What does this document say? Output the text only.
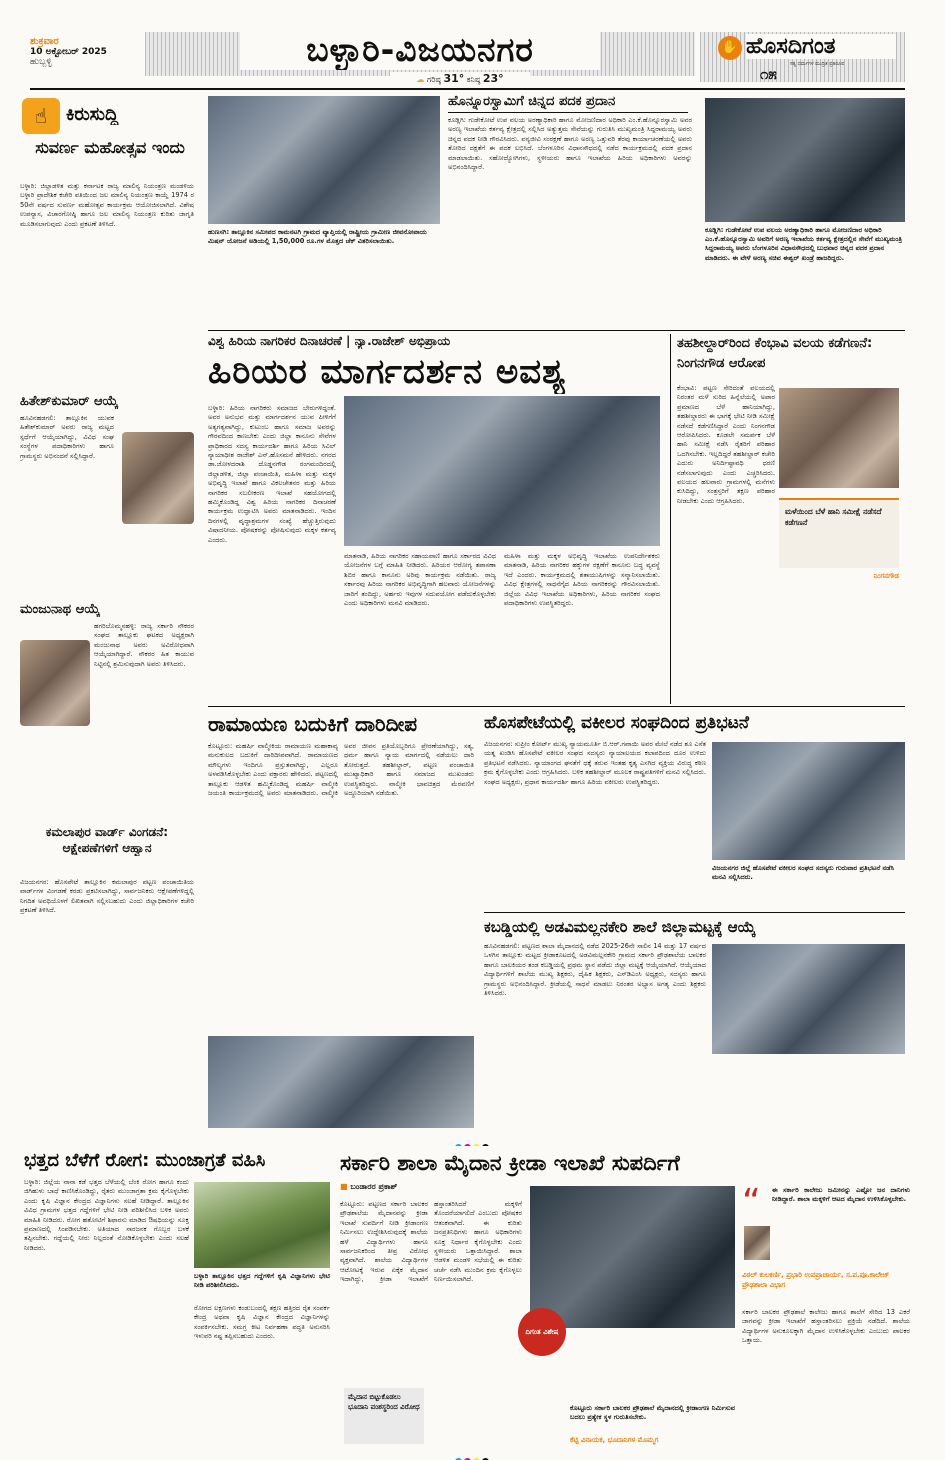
ಶುಕ್ರವಾರ
10 ಅಕ್ಟೋಬರ್ 2025
ಹುಬ್ಬಳ್ಳಿ	ಬಳ್ಳಾರಿ-ವಿಜಯನಗರ
☁ ಗರಿಷ್ಠ 31° ಕನಿಷ್ಠ 23°
✋ ಹೊಸದಿಗಂತ
ಸತ್ಯ ಧರ್ಮಗಳ ಮುದ್ರಿತ ಪ್ರತಿರೂಪ
೧೫
☝	ಕಿರುಸುದ್ದಿ
ಸುವರ್ಣ ಮಹೋತ್ಸವ ಇಂದು
ಬಳ್ಳಾರಿ: ಜಿಲ್ಲಾಡಳಿತ ಮತ್ತು ಕರ್ನಾಟಕ ರಾಜ್ಯ ಮಾಲಿನ್ಯ ನಿಯಂತ್ರಣ ಮಂಡಳಿಯ ಬಳ್ಳಾರಿ ಪ್ರಾದೇಶಿಕ ಕಚೇರಿ ವತಿಯಿಂದ ಜಲ ಮಾಲಿನ್ಯ ನಿಯಂತ್ರಣ ಕಾಯ್ದೆ 1974 ರ 50ನೇ ವರ್ಷದ ಸುವರ್ಣ ಮಹೋತ್ಸವ ಕಾರ್ಯಕ್ರಮ ಆಯೋಜಿಸಲಾಗಿದೆ. ವಿಶೇಷ ಉಪನ್ಯಾಸ, ವಿಚಾರಗೋಷ್ಠಿ ಹಾಗೂ ಜಲ ಮಾಲಿನ್ಯ ನಿಯಂತ್ರಣ ಕುರಿತು ಜಾಗೃತಿ ಮೂಡಿಸಲಾಗುವುದು ಎಂದು ಪ್ರಕಟಣೆ ತಿಳಿಸಿದೆ.
ಹಿತೇಶ್‌ಕುಮಾರ್ ಆಯ್ಕೆ
ಹೂವಿನಹಡಗಲಿ: ತಾಲ್ಲೂಕಿನ ಯುವಕ ಹಿತೇಶ್‌ಕುಮಾರ್ ಅವರು ರಾಜ್ಯ ಮಟ್ಟದ ಸ್ಪರ್ಧೆಗೆ ಆಯ್ಕೆಯಾಗಿದ್ದು, ವಿವಿಧ ಸಂಘ ಸಂಸ್ಥೆಗಳ ಪದಾಧಿಕಾರಿಗಳು ಹಾಗೂ ಗ್ರಾಮಸ್ಥರು ಅಭಿನಂದನೆ ಸಲ್ಲಿಸಿದ್ದಾರೆ.
ಮಂಜುನಾಥ ಆಯ್ಕೆ
ಹಗರಿಬೊಮ್ಮನಹಳ್ಳಿ: ರಾಜ್ಯ ಸರ್ಕಾರಿ ನೌಕರರ ಸಂಘದ ತಾಲ್ಲೂಕು ಘಟಕದ ಅಧ್ಯಕ್ಷರಾಗಿ ಮಂಜುನಾಥ ಅವರು ಅವಿರೋಧವಾಗಿ ಆಯ್ಕೆಯಾಗಿದ್ದಾರೆ. ನೌಕರರ ಹಿತ ಕಾಯುವ ನಿಟ್ಟಿನಲ್ಲಿ ಶ್ರಮಿಸುವುದಾಗಿ ಅವರು ತಿಳಿಸಿದರು.
ಕಮಲಾಪುರ ವಾರ್ಡ್ ವಿಂಗಡನೆ: ಆಕ್ಷೇಪಣೆಗಳಿಗೆ ಆಹ್ವಾನ
ವಿಜಯನಗರ: ಹೊಸಪೇಟೆ ತಾಲ್ಲೂಕಿನ ಕಮಲಾಪುರ ಪಟ್ಟಣ ಪಂಚಾಯಿತಿಯ ವಾರ್ಡ್‌ಗಳ ವಿಂಗಡಣೆ ಕರಡು ಪ್ರಕಟಿಸಲಾಗಿದ್ದು, ಸಾರ್ವಜನಿಕರು ಆಕ್ಷೇಪಣೆಗಳಿದ್ದಲ್ಲಿ ನಿಗದಿತ ಅವಧಿಯೊಳಗೆ ಲಿಖಿತವಾಗಿ ಸಲ್ಲಿಸಬಹುದು ಎಂದು ಜಿಲ್ಲಾಧಿಕಾರಿಗಳ ಕಚೇರಿ ಪ್ರಕಟಣೆ ತಿಳಿಸಿದೆ.
ಹುಣಸಗಿ: ತಾಲ್ಲೂಕಿನ ಸಮೀಪದ ಕಾಮನಟಗಿ ಗ್ರಾಮದ ವ್ಯಾಪ್ತಿಯಲ್ಲಿ ರಾಷ್ಟ್ರೀಯ ಗ್ರಾಮೀಣ ಜೀವನೋಪಾಯ ಮಿಷನ್ ಯೋಜನೆ ಅಡಿಯಲ್ಲಿ 1,50,000 ರೂ.ಗಳ ಮೊತ್ತದ ಚೆಕ್ ವಿತರಿಸಲಾಯಿತು.
ಹೊನ್ನೂರಸ್ವಾಮಿಗೆ ಚಿನ್ನದ ಪದಕ ಪ್ರದಾನ
ಕೂಡ್ಲಿಗಿ: ಗುಡೇಕೋಟೆ ಉಪ ವಲಯ ಅರಣ್ಯಾಧಿಕಾರಿ ಹಾಗೂ ಮೋಜಣಿದಾರ ಅಧಿಕಾರಿ ಎಂ.ಕೆ.ಹೊನ್ನೂರಸ್ವಾಮಿ ಅವರ ಅರಣ್ಯ ಇಲಾಖೆಯ ಕರ್ತವ್ಯ ಕ್ಷೇತ್ರದಲ್ಲಿ ಸಲ್ಲಿಸಿದ ಅತ್ಯುತ್ತಮ ಸೇವೆಯನ್ನು ಗುರುತಿಸಿ ಮುಖ್ಯಮಂತ್ರಿ ಸಿದ್ದರಾಮಯ್ಯ ಅವರು ಚಿನ್ನದ ಪದಕ ನೀಡಿ ಗೌರವಿಸಿದರು. ವನ್ಯಜೀವಿ ಸಂರಕ್ಷಣೆ ಹಾಗೂ ಅರಣ್ಯ ಒತ್ತುವರಿ ತೆರವು ಕಾರ್ಯಾಚರಣೆಯಲ್ಲಿ ಅವರು ತೋರಿದ ದಕ್ಷತೆಗೆ ಈ ಪದಕ ಲಭಿಸಿದೆ. ಬೆಂಗಳೂರಿನ ವಿಧಾನಸೌಧದಲ್ಲಿ ನಡೆದ ಕಾರ್ಯಕ್ರಮದಲ್ಲಿ ಪದಕ ಪ್ರದಾನ ಮಾಡಲಾಯಿತು. ಸಹೋದ್ಯೋಗಿಗಳು, ಸ್ಥಳೀಯರು ಹಾಗೂ ಇಲಾಖೆಯ ಹಿರಿಯ ಅಧಿಕಾರಿಗಳು ಅವರನ್ನು ಅಭಿನಂದಿಸಿದ್ದಾರೆ.
ಕೂಡ್ಲಿಗಿ: ಗುಡೇಕೋಟೆ ಉಪ ವಲಯ ಅರಣ್ಯಾಧಿಕಾರಿ ಹಾಗೂ ಮೋಜಣಿದಾರ ಅಧಿಕಾರಿ ಎಂ.ಕೆ.ಹೊನ್ನೂರಸ್ವಾಮಿ ಅವರಿಗೆ ಅರಣ್ಯ ಇಲಾಖೆಯ ಕರ್ತವ್ಯ ಕ್ಷೇತ್ರದಲ್ಲಿನ ಸೇವೆಗೆ ಮುಖ್ಯಮಂತ್ರಿ ಸಿದ್ದರಾಮಯ್ಯ ಅವರು ಬೆಂಗಳೂರಿನ ವಿಧಾನಸೌಧದಲ್ಲಿ ಬುಧವಾರ ಚಿನ್ನದ ಪದಕ ಪ್ರದಾನ ಮಾಡಿದರು. ಈ ವೇಳೆ ಅರಣ್ಯ ಸಚಿವ ಈಶ್ವರ್ ಖಂಡ್ರೆ ಹಾಜರಿದ್ದರು.
ವಿಶ್ವ ಹಿರಿಯ ನಾಗರಿಕರ ದಿನಾಚರಣೆ | ನ್ಯಾ.ರಾಜೇಶ್ ಅಭಿಪ್ರಾಯ
ಹಿರಿಯರ ಮಾರ್ಗದರ್ಶನ ಅವಶ್ಯ
ಬಳ್ಳಾರಿ: ಹಿರಿಯ ನಾಗರಿಕರು ಸಮಾಜದ ಬೇರುಗಳಿದ್ದಂತೆ. ಅವರ ಅನುಭವ ಮತ್ತು ಮಾರ್ಗದರ್ಶನ ಯುವ ಪೀಳಿಗೆಗೆ ಅತ್ಯಗತ್ಯವಾಗಿದ್ದು, ಕುಟುಂಬ ಹಾಗೂ ಸಮಾಜ ಅವರನ್ನು ಗೌರವದಿಂದ ಕಾಣಬೇಕು ಎಂದು ಜಿಲ್ಲಾ ಕಾನೂನು ಸೇವೆಗಳ ಪ್ರಾಧಿಕಾರದ ಸದಸ್ಯ ಕಾರ್ಯದರ್ಶಿ ಹಾಗೂ ಹಿರಿಯ ಸಿವಿಲ್ ನ್ಯಾಯಾಧೀಶ ರಾಜೇಶ್ ಎನ್.ಹೊಸಮನೆ ಹೇಳಿದರು. ನಗರದ ಡಾ.ಜೋಳದರಾಶಿ ದೊಡ್ಡನಗೌಡ ರಂಗಮಂದಿರದಲ್ಲಿ ಜಿಲ್ಲಾಡಳಿತ, ಜಿಲ್ಲಾ ಪಂಚಾಯಿತಿ, ಮಹಿಳಾ ಮತ್ತು ಮಕ್ಕಳ ಅಭಿವೃದ್ಧಿ ಇಲಾಖೆ ಹಾಗೂ ವಿಕಲಚೇತನರ ಮತ್ತು ಹಿರಿಯ ನಾಗರಿಕರ ಸಬಲೀಕರಣ ಇಲಾಖೆ ಸಹಯೋಗದಲ್ಲಿ ಹಮ್ಮಿಕೊಂಡಿದ್ದ ವಿಶ್ವ ಹಿರಿಯ ನಾಗರಿಕರ ದಿನಾಚರಣೆ ಕಾರ್ಯಕ್ರಮ ಉದ್ಘಾಟಿಸಿ ಅವರು ಮಾತನಾಡಿದರು. ಇಂದಿನ ದಿನಗಳಲ್ಲಿ ವೃದ್ಧಾಶ್ರಮಗಳ ಸಂಖ್ಯೆ ಹೆಚ್ಚುತ್ತಿರುವುದು ವಿಷಾದನೀಯ. ಪೋಷಕರನ್ನು ಪೋಷಿಸುವುದು ಮಕ್ಕಳ ಕರ್ತವ್ಯ ಎಂದರು.
ಮಾತನಾಡಿ, ಹಿರಿಯ ನಾಗರಿಕರ ಸಹಾಯವಾಣಿ ಹಾಗೂ ಸರ್ಕಾರದ ವಿವಿಧ ಯೋಜನೆಗಳ ಬಗ್ಗೆ ಮಾಹಿತಿ ನೀಡಿದರು. ಹಿರಿಯರ ಆರೋಗ್ಯ ತಪಾಸಣಾ ಶಿಬಿರ ಹಾಗೂ ಕಾನೂನು ಅರಿವು ಕಾರ್ಯಕ್ರಮ ನಡೆಯಿತು. ರಾಜ್ಯ ಸರ್ಕಾರವು ಹಿರಿಯ ನಾಗರಿಕರ ಅಭಿವೃದ್ಧಿಗಾಗಿ ಹಲವಾರು ಯೋಜನೆಗಳನ್ನು ಜಾರಿಗೆ ತಂದಿದ್ದು, ಅರ್ಹರು ಇವುಗಳ ಸದುಪಯೋಗ ಪಡೆದುಕೊಳ್ಳಬೇಕು ಎಂದು ಅಧಿಕಾರಿಗಳು ಮನವಿ ಮಾಡಿದರು.
ಮಹಿಳಾ ಮತ್ತು ಮಕ್ಕಳ ಅಭಿವೃದ್ಧಿ ಇಲಾಖೆಯ ಉಪನಿರ್ದೇಶಕರು ಮಾತನಾಡಿ, ಹಿರಿಯ ನಾಗರಿಕರ ಹಕ್ಕುಗಳ ರಕ್ಷಣೆಗೆ ಕಾನೂನು ಬದ್ಧ ವ್ಯವಸ್ಥೆ ಇದೆ ಎಂದರು. ಕಾರ್ಯಕ್ರಮದಲ್ಲಿ ಶತಾಯುಷಿಗಳನ್ನು ಸನ್ಮಾನಿಸಲಾಯಿತು. ವಿವಿಧ ಕ್ಷೇತ್ರಗಳಲ್ಲಿ ಸಾಧನೆಗೈದ ಹಿರಿಯ ನಾಗರಿಕರನ್ನು ಗೌರವಿಸಲಾಯಿತು. ಜಿಲ್ಲೆಯ ವಿವಿಧ ಇಲಾಖೆಯ ಅಧಿಕಾರಿಗಳು, ಹಿರಿಯ ನಾಗರಿಕರ ಸಂಘದ ಪದಾಧಿಕಾರಿಗಳು ಉಪಸ್ಥಿತರಿದ್ದರು.
ತಹಶೀಲ್ದಾರ್‌ರಿಂದ ಕೆಂಭಾವಿ ವಲಯ ಕಡೆಗಣನೆ: ನಿಂಗನಗೌಡ ಆರೋಪ
ಕೆಂಭಾವಿ: ಪಟ್ಟಣ ಸೇರಿದಂತೆ ವಲಯದಲ್ಲಿ ನಿರಂತರ ಮಳೆ ಸುರಿದ ಹಿನ್ನೆಲೆಯಲ್ಲಿ ಅಪಾರ ಪ್ರಮಾಣದ ಬೆಳೆ ಹಾನಿಯಾಗಿದ್ದು, ತಹಶೀಲ್ದಾರರು ಈ ಭಾಗಕ್ಕೆ ಭೇಟಿ ನೀಡಿ ಸಮೀಕ್ಷೆ ನಡೆಸದೆ ಕಡೆಗಣಿಸಿದ್ದಾರೆ ಎಂದು ನಿಂಗನಗೌಡ ಆರೋಪಿಸಿದರು. ಕೂಡಲೇ ಸಮರ್ಪಕ ಬೆಳೆ ಹಾನಿ ಸಮೀಕ್ಷೆ ನಡೆಸಿ ರೈತರಿಗೆ ಪರಿಹಾರ ಒದಗಿಸಬೇಕು. ಇಲ್ಲದಿದ್ದರೆ ತಹಶೀಲ್ದಾರ್ ಕಚೇರಿ ಎದುರು ಅನಿರ್ದಿಷ್ಟಾವಧಿ ಧರಣಿ ನಡೆಸಲಾಗುವುದು ಎಂದು ಎಚ್ಚರಿಸಿದರು. ವಲಯದ ಹಲವಾರು ಗ್ರಾಮಗಳಲ್ಲಿ ಮನೆಗಳು ಕುಸಿದಿದ್ದು, ಸಂತ್ರಸ್ತರಿಗೆ ತಕ್ಷಣ ಪರಿಹಾರ ನೀಡಬೇಕು ಎಂದು ಆಗ್ರಹಿಸಿದರು.
ಮಳೆಯಿಂದ ಬೆಳೆ ಹಾನಿ ಸಮೀಕ್ಷೆ ನಡೆಸದೆ ಕಡೆಗಣನೆ
ನಿಂಗನಗೌಡ
ರಾಮಾಯಣ ಬದುಕಿಗೆ ದಾರಿದೀಪ
ಕೊಟ್ಟೂರು: ಮಹರ್ಷಿ ವಾಲ್ಮೀಕಿಯ ರಾಮಾಯಣ ಮಹಾಕಾವ್ಯ ಮನುಕುಲದ ಬದುಕಿಗೆ ದಾರಿದೀಪವಾಗಿದೆ. ರಾಮಾಯಣದ ಮೌಲ್ಯಗಳು ಇಂದಿಗೂ ಪ್ರಸ್ತುತವಾಗಿದ್ದು, ಎಲ್ಲರೂ ಅಳವಡಿಸಿಕೊಳ್ಳಬೇಕು ಎಂದು ವಕ್ತಾರರು ಹೇಳಿದರು. ಪಟ್ಟಣದಲ್ಲಿ ತಾಲ್ಲೂಕು ಆಡಳಿತ ಹಮ್ಮಿಕೊಂಡಿದ್ದ ಮಹರ್ಷಿ ವಾಲ್ಮೀಕಿ ಜಯಂತಿ ಕಾರ್ಯಕ್ರಮದಲ್ಲಿ ಅವರು ಮಾತನಾಡಿದರು. ವಾಲ್ಮೀಕಿ ಅವರ ಜೀವನ ಪ್ರತಿಯೊಬ್ಬರಿಗೂ ಪ್ರೇರಣೆಯಾಗಿದ್ದು, ಸತ್ಯ, ಧರ್ಮ ಹಾಗೂ ನ್ಯಾಯ ಮಾರ್ಗದಲ್ಲಿ ನಡೆಯಲು ದಾರಿ ತೋರುತ್ತದೆ. ತಹಶೀಲ್ದಾರ್, ಪಟ್ಟಣ ಪಂಚಾಯಿತಿ ಮುಖ್ಯಾಧಿಕಾರಿ ಹಾಗೂ ಸಮಾಜದ ಮುಖಂಡರು ಉಪಸ್ಥಿತರಿದ್ದರು. ವಾಲ್ಮೀಕಿ ಭಾವಚಿತ್ರದ ಮೆರವಣಿಗೆ ಅದ್ದೂರಿಯಾಗಿ ನಡೆಯಿತು.
ಹೊಸಪೇಟೆಯಲ್ಲಿ ವಕೀಲರ ಸಂಘದಿಂದ ಪ್ರತಿಭಟನೆ
ವಿಜಯನಗರ: ಸುಪ್ರೀಂ ಕೋರ್ಟ್ ಮುಖ್ಯ ನ್ಯಾಯಮೂರ್ತಿ ಬಿ.ಆರ್.ಗವಾಯಿ ಅವರ ಮೇಲೆ ನಡೆದ ಶೂ ಎಸೆತ ಯತ್ನ ಖಂಡಿಸಿ ಹೊಸಪೇಟೆ ವಕೀಲರ ಸಂಘದ ಸದಸ್ಯರು ನ್ಯಾಯಾಲಯದ ಕಲಾಪದಿಂದ ದೂರ ಉಳಿದು ಪ್ರತಿಭಟನೆ ನಡೆಸಿದರು. ನ್ಯಾಯಾಂಗದ ಘನತೆಗೆ ಧಕ್ಕೆ ತರುವ ಇಂತಹ ಕೃತ್ಯ ಎಸಗಿದ ವ್ಯಕ್ತಿಯ ವಿರುದ್ಧ ಕಠಿಣ ಕ್ರಮ ಕೈಗೊಳ್ಳಬೇಕು ಎಂದು ಆಗ್ರಹಿಸಿದರು. ಬಳಿಕ ತಹಶೀಲ್ದಾರ್ ಮೂಲಕ ರಾಷ್ಟ್ರಪತಿಗಳಿಗೆ ಮನವಿ ಸಲ್ಲಿಸಿದರು. ಸಂಘದ ಅಧ್ಯಕ್ಷರು, ಪ್ರಧಾನ ಕಾರ್ಯದರ್ಶಿ ಹಾಗೂ ಹಿರಿಯ ವಕೀಲರು ಉಪಸ್ಥಿತರಿದ್ದರು.
ವಿಜಯನಗರ ಜಿಲ್ಲೆ ಹೊಸಪೇಟೆ ವಕೀಲರ ಸಂಘದ ಸದಸ್ಯರು ಗುರುವಾರ ಪ್ರತಿಭಟನೆ ನಡೆಸಿ ಮನವಿ ಸಲ್ಲಿಸಿದರು.
ಕಬಡ್ಡಿಯಲ್ಲಿ ಅಡವಿಮಲ್ಲನಕೇರಿ ಶಾಲೆ ಜಿಲ್ಲಾಮಟ್ಟಕ್ಕೆ ಆಯ್ಕೆ
ಹೂವಿನಹಡಗಲಿ: ಪಟ್ಟಣದ ಶಾಲಾ ಮೈದಾನದಲ್ಲಿ ನಡೆದ 2025-26ನೇ ಸಾಲಿನ 14 ಮತ್ತು 17 ವರ್ಷದ ಒಳಗಿನ ತಾಲ್ಲೂಕು ಮಟ್ಟದ ಕ್ರೀಡಾಕೂಟದಲ್ಲಿ ಅಡವಿಮಲ್ಲನಕೇರಿ ಗ್ರಾಮದ ಸರ್ಕಾರಿ ಪ್ರೌಢಶಾಲೆಯ ಬಾಲಕರ ಹಾಗೂ ಬಾಲಕಿಯರ ತಂಡ ಕಬಡ್ಡಿಯಲ್ಲಿ ಪ್ರಥಮ ಸ್ಥಾನ ಪಡೆದು ಜಿಲ್ಲಾ ಮಟ್ಟಕ್ಕೆ ಆಯ್ಕೆಯಾಗಿದೆ. ಆಯ್ಕೆಯಾದ ವಿದ್ಯಾರ್ಥಿಗಳಿಗೆ ಶಾಲೆಯ ಮುಖ್ಯ ಶಿಕ್ಷಕರು, ದೈಹಿಕ ಶಿಕ್ಷಕರು, ಎಸ್‌ಡಿಎಂಸಿ ಅಧ್ಯಕ್ಷರು, ಸದಸ್ಯರು ಹಾಗೂ ಗ್ರಾಮಸ್ಥರು ಅಭಿನಂದಿಸಿದ್ದಾರೆ. ಕ್ರೀಡೆಯಲ್ಲಿ ಸಾಧನೆ ಮಾಡಲು ನಿರಂತರ ಅಭ್ಯಾಸ ಅಗತ್ಯ ಎಂದು ಶಿಕ್ಷಕರು ತಿಳಿಸಿದರು.
ಭತ್ತದ ಬೆಳೆಗೆ ರೋಗ: ಮುಂಜಾಗ್ರತೆ ವಹಿಸಿ
ಬಳ್ಳಾರಿ: ಜಿಲ್ಲೆಯ ನಾನಾ ಕಡೆ ಭತ್ತದ ಬೆಳೆಯಲ್ಲಿ ಬೆಂಕಿ ರೋಗ ಹಾಗೂ ಕಂದು ಜಿಗಿಹುಳು ಬಾಧೆ ಕಾಣಿಸಿಕೊಂಡಿದ್ದು, ರೈತರು ಮುಂಜಾಗ್ರತಾ ಕ್ರಮ ಕೈಗೊಳ್ಳಬೇಕು ಎಂದು ಕೃಷಿ ವಿಜ್ಞಾನ ಕೇಂದ್ರದ ವಿಜ್ಞಾನಿಗಳು ಸಲಹೆ ನೀಡಿದ್ದಾರೆ. ತಾಲ್ಲೂಕಿನ ವಿವಿಧ ಗ್ರಾಮಗಳ ಭತ್ತದ ಗದ್ದೆಗಳಿಗೆ ಭೇಟಿ ನೀಡಿ ಪರಿಶೀಲಿಸಿದ ಬಳಿಕ ಅವರು ಮಾಹಿತಿ ನೀಡಿದರು. ರೋಗ ಹತೋಟಿಗೆ ಶಿಫಾರಸು ಮಾಡಿದ ಔಷಧಿಯನ್ನು ಸೂಕ್ತ ಪ್ರಮಾಣದಲ್ಲಿ ಸಿಂಪಡಿಸಬೇಕು. ಅತಿಯಾದ ಸಾರಜನಕ ಗೊಬ್ಬರ ಬಳಕೆ ತಪ್ಪಿಸಬೇಕು. ಗದ್ದೆಯಲ್ಲಿ ನೀರು ನಿಲ್ಲದಂತೆ ನೋಡಿಕೊಳ್ಳಬೇಕು ಎಂದು ಸಲಹೆ ನೀಡಿದರು.
ಬಳ್ಳಾರಿ ತಾಲ್ಲೂಕಿನ ಭತ್ತದ ಗದ್ದೆಗಳಿಗೆ ಕೃಷಿ ವಿಜ್ಞಾನಿಗಳು ಭೇಟಿ ನೀಡಿ ಪರಿಶೀಲಿಸಿದರು.
ರೋಗದ ಲಕ್ಷಣಗಳು ಕಂಡುಬಂದಲ್ಲಿ ತಕ್ಷಣ ಹತ್ತಿರದ ರೈತ ಸಂಪರ್ಕ ಕೇಂದ್ರ ಅಥವಾ ಕೃಷಿ ವಿಜ್ಞಾನ ಕೇಂದ್ರದ ವಿಜ್ಞಾನಿಗಳನ್ನು ಸಂಪರ್ಕಿಸಬೇಕು. ಸಮಗ್ರ ಕೀಟ ನಿರ್ವಹಣಾ ಪದ್ಧತಿ ಅನುಸರಿಸಿ ಇಳುವರಿ ನಷ್ಟ ತಪ್ಪಿಸಬಹುದು ಎಂದರು.
ಸರ್ಕಾರಿ ಶಾಲಾ ಮೈದಾನ ಕ್ರೀಡಾ ಇಲಾಖೆ ಸುಪರ್ದಿಗೆ
■ ಬಂಡಾರರ ಪ್ರಕಾಶ್
ಕೊಟ್ಟೂರು: ಪಟ್ಟಣದ ಸರ್ಕಾರಿ ಬಾಲಕರ ಪ್ರೌಢಶಾಲೆಯ ಮೈದಾನವನ್ನು ಕ್ರೀಡಾ ಇಲಾಖೆ ಸುಪರ್ದಿಗೆ ನೀಡಿ ಕ್ರೀಡಾಂಗಣ ನಿರ್ಮಿಸಲು ಉದ್ದೇಶಿಸಿರುವುದಕ್ಕೆ ಶಾಲೆಯ ಹಳೆ ವಿದ್ಯಾರ್ಥಿಗಳು ಹಾಗೂ ಸಾರ್ವಜನಿಕರಿಂದ ತೀವ್ರ ವಿರೋಧ ವ್ಯಕ್ತವಾಗಿದೆ. ಶಾಲೆಯ ವಿದ್ಯಾರ್ಥಿಗಳ ಆಟೋಟಕ್ಕೆ ಇರುವ ಏಕೈಕ ಮೈದಾನ ಇದಾಗಿದ್ದು, ಕ್ರೀಡಾ ಇಲಾಖೆಗೆ ಹಸ್ತಾಂತರಿಸಿದರೆ ಮಕ್ಕಳಿಗೆ ತೊಂದರೆಯಾಗಲಿದೆ ಎಂಬುದು ಪೋಷಕರ ಆತಂಕವಾಗಿದೆ. ಈ ಕುರಿತು ಜನಪ್ರತಿನಿಧಿಗಳು ಹಾಗೂ ಅಧಿಕಾರಿಗಳು ಸೂಕ್ತ ನಿರ್ಧಾರ ಕೈಗೊಳ್ಳಬೇಕು ಎಂದು ಸ್ಥಳೀಯರು ಒತ್ತಾಯಿಸಿದ್ದಾರೆ. ಶಾಲಾ ಆಡಳಿತ ಮಂಡಳಿ ಸಭೆಯಲ್ಲಿ ಈ ಕುರಿತು ಚರ್ಚೆ ನಡೆಸಿ ಮುಂದಿನ ಕ್ರಮ ಕೈಗೊಳ್ಳಲು ನಿರ್ಣಯಿಸಲಾಗಿದೆ.
ಮೈದಾನ ಬಿಟ್ಟುಕೊಡಲು ಭೂದಾನಿ ವಂಶಸ್ಥರಿಂದ ವಿರೋಧ
ದಿಗಂತ ವಿಶೇಷ
“	ಈ ಸರ್ಕಾರಿ ಕಾಲೇಜು ಜಮೀನನ್ನು ಎಷ್ಟೋ ಜನ ದಾನಿಗಳು ನೀಡಿದ್ದಾರೆ. ಶಾಲಾ ಮಕ್ಕಳಿಗೆ ಆಟದ ಮೈದಾನ ಉಳಿಸಿಕೊಳ್ಳಬೇಕು.
ವಿಠಲ್ ಕುಲಕರ್ಣಿ, ಪ್ರಭಾರಿ ಉಪಪ್ರಾಚಾರ್ಯ, ಸ.ಪ.ಪೂ.ಕಾಲೇಜ್ ಪ್ರೌಢಶಾಲಾ ವಿಭಾಗ
ಸರ್ಕಾರಿ ಬಾಲಕರ ಪ್ರೌಢಶಾಲೆ ಕಾಲೇಜು ಹಾಗೂ ಶಾಲೆಗೆ ಸೇರಿದ 13 ಎಕರೆ ಜಾಗವನ್ನು ಕ್ರೀಡಾ ಇಲಾಖೆಗೆ ಹಸ್ತಾಂತರಿಸಲು ಪ್ರಕ್ರಿಯೆ ನಡೆದಿದೆ. ಶಾಲೆಯ ವಿದ್ಯಾರ್ಥಿಗಳ ಅನುಕೂಲಕ್ಕಾಗಿ ಮೈದಾನ ಉಳಿಸಿಕೊಳ್ಳಬೇಕು ಎಂಬುದು ಪಾಲಕರ ಒತ್ತಾಯ.
ಕೊಟ್ಟೂರು ಸರ್ಕಾರಿ ಬಾಲಕರ ಪ್ರೌಢಶಾಲೆ ಮೈದಾನದಲ್ಲಿ ಕ್ರೀಡಾಂಗಣ ನಿರ್ಮಿಸುವ ಬದಲು ಪ್ರತ್ಯೇಕ ಸ್ಥಳ ಗುರುತಿಸಬೇಕು.
ಕೆಟ್ಟಿ ವಿನಾಯಕ, ಭೂದಾನಿಗಳ ಮೊಮ್ಮಗ
